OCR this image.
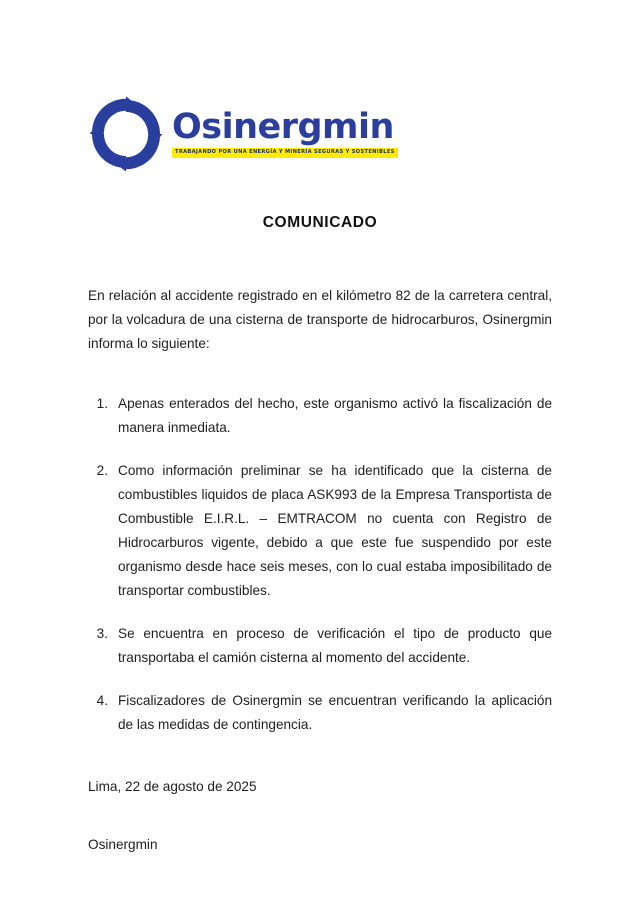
Osinergmin
TRABAJANDO POR UNA ENERGÍA Y MINERÍA SEGURAS Y SOSTENIBLES
COMUNICADO

En relación al accidente registrado en el kilómetro 82 de la carretera central, por la volcadura de una cisterna de transporte de hidrocarburos, Osinergmin informa lo siguiente:

1. Apenas enterados del hecho, este organismo activó la fiscalización de manera inmediata.
2. Como información preliminar se ha identificado que la cisterna de combustibles liquidos de placa ASK993 de la Empresa Transportista de Combustible E.I.R.L. – EMTRACOM no cuenta con Registro de Hidrocarburos vigente, debido a que este fue suspendido por este organismo desde hace seis meses, con lo cual estaba imposibilitado de transportar combustibles.
3. Se encuentra en proceso de verificación el tipo de producto que transportaba el camión cisterna al momento del accidente.
4. Fiscalizadores de Osinergmin se encuentran verificando la aplicación de las medidas de contingencia.

Lima, 22 de agosto de 2025

Osinergmin
